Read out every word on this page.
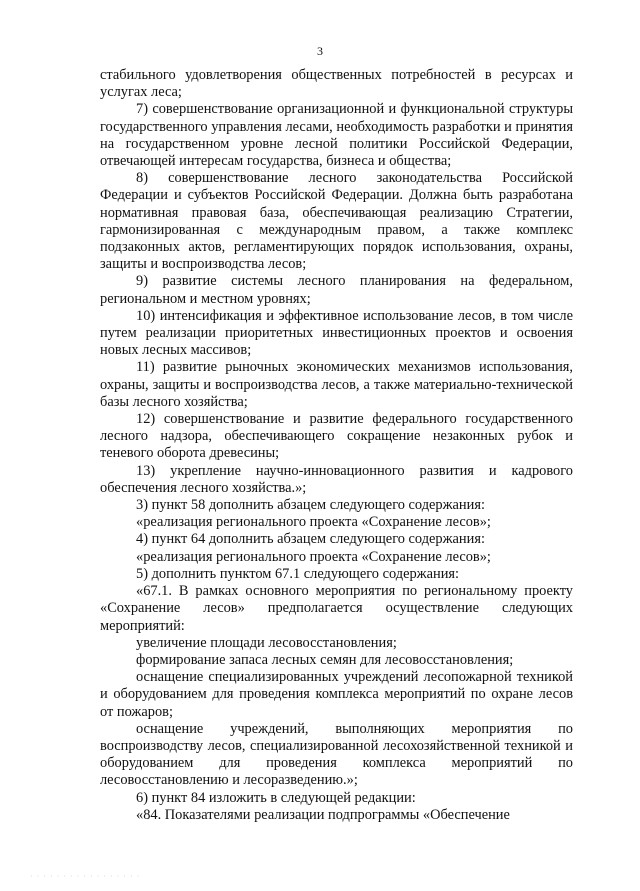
3

стабильного удовлетворения общественных потребностей в ресурсах и услугах леса;

7) совершенствование организационной и функциональной структуры государственного управления лесами, необходимость разработки и принятия на государственном уровне лесной политики Российской Федерации, отвечающей интересам государства, бизнеса и общества;

8) совершенствование лесного законодательства Российской Федерации и субъектов Российской Федерации. Должна быть разработана нормативная правовая база, обеспечивающая реализацию Стратегии, гармонизированная с международным правом, а также комплекс подзаконных актов, регламентирующих порядок использования, охраны, защиты и воспроизводства лесов;

9) развитие системы лесного планирования на федеральном, региональном и местном уровнях;

10) интенсификация и эффективное использование лесов, в том числе путем реализации приоритетных инвестиционных проектов и освоения новых лесных массивов;

11) развитие рыночных экономических механизмов использования, охраны, защиты и воспроизводства лесов, а также материально-технической базы лесного хозяйства;

12) совершенствование и развитие федерального государственного лесного надзора, обеспечивающего сокращение незаконных рубок и теневого оборота древесины;

13) укрепление научно-инновационного развития и кадрового обеспечения лесного хозяйства.»;

3) пункт 58 дополнить абзацем следующего содержания:

«реализация регионального проекта «Сохранение лесов»;

4) пункт 64 дополнить абзацем следующего содержания:

«реализация регионального проекта «Сохранение лесов»;

5) дополнить пунктом 67.1 следующего содержания:

«67.1. В рамках основного мероприятия по региональному проекту «Сохранение лесов» предполагается осуществление следующих мероприятий:

увеличение площади лесовосстановления;

формирование запаса лесных семян для лесовосстановления;

оснащение специализированных учреждений лесопожарной техникой и оборудованием для проведения комплекса мероприятий по охране лесов от пожаров;

оснащение учреждений, выполняющих мероприятия по воспроизводству лесов, специализированной лесохозяйственной техникой и оборудованием для проведения комплекса мероприятий по лесовосстановлению и лесоразведению.»;

6) пункт 84 изложить в следующей редакции:

«84. Показателями реализации подпрограммы «Обеспечение

· · · · · · · · · · · · · · · · ·
